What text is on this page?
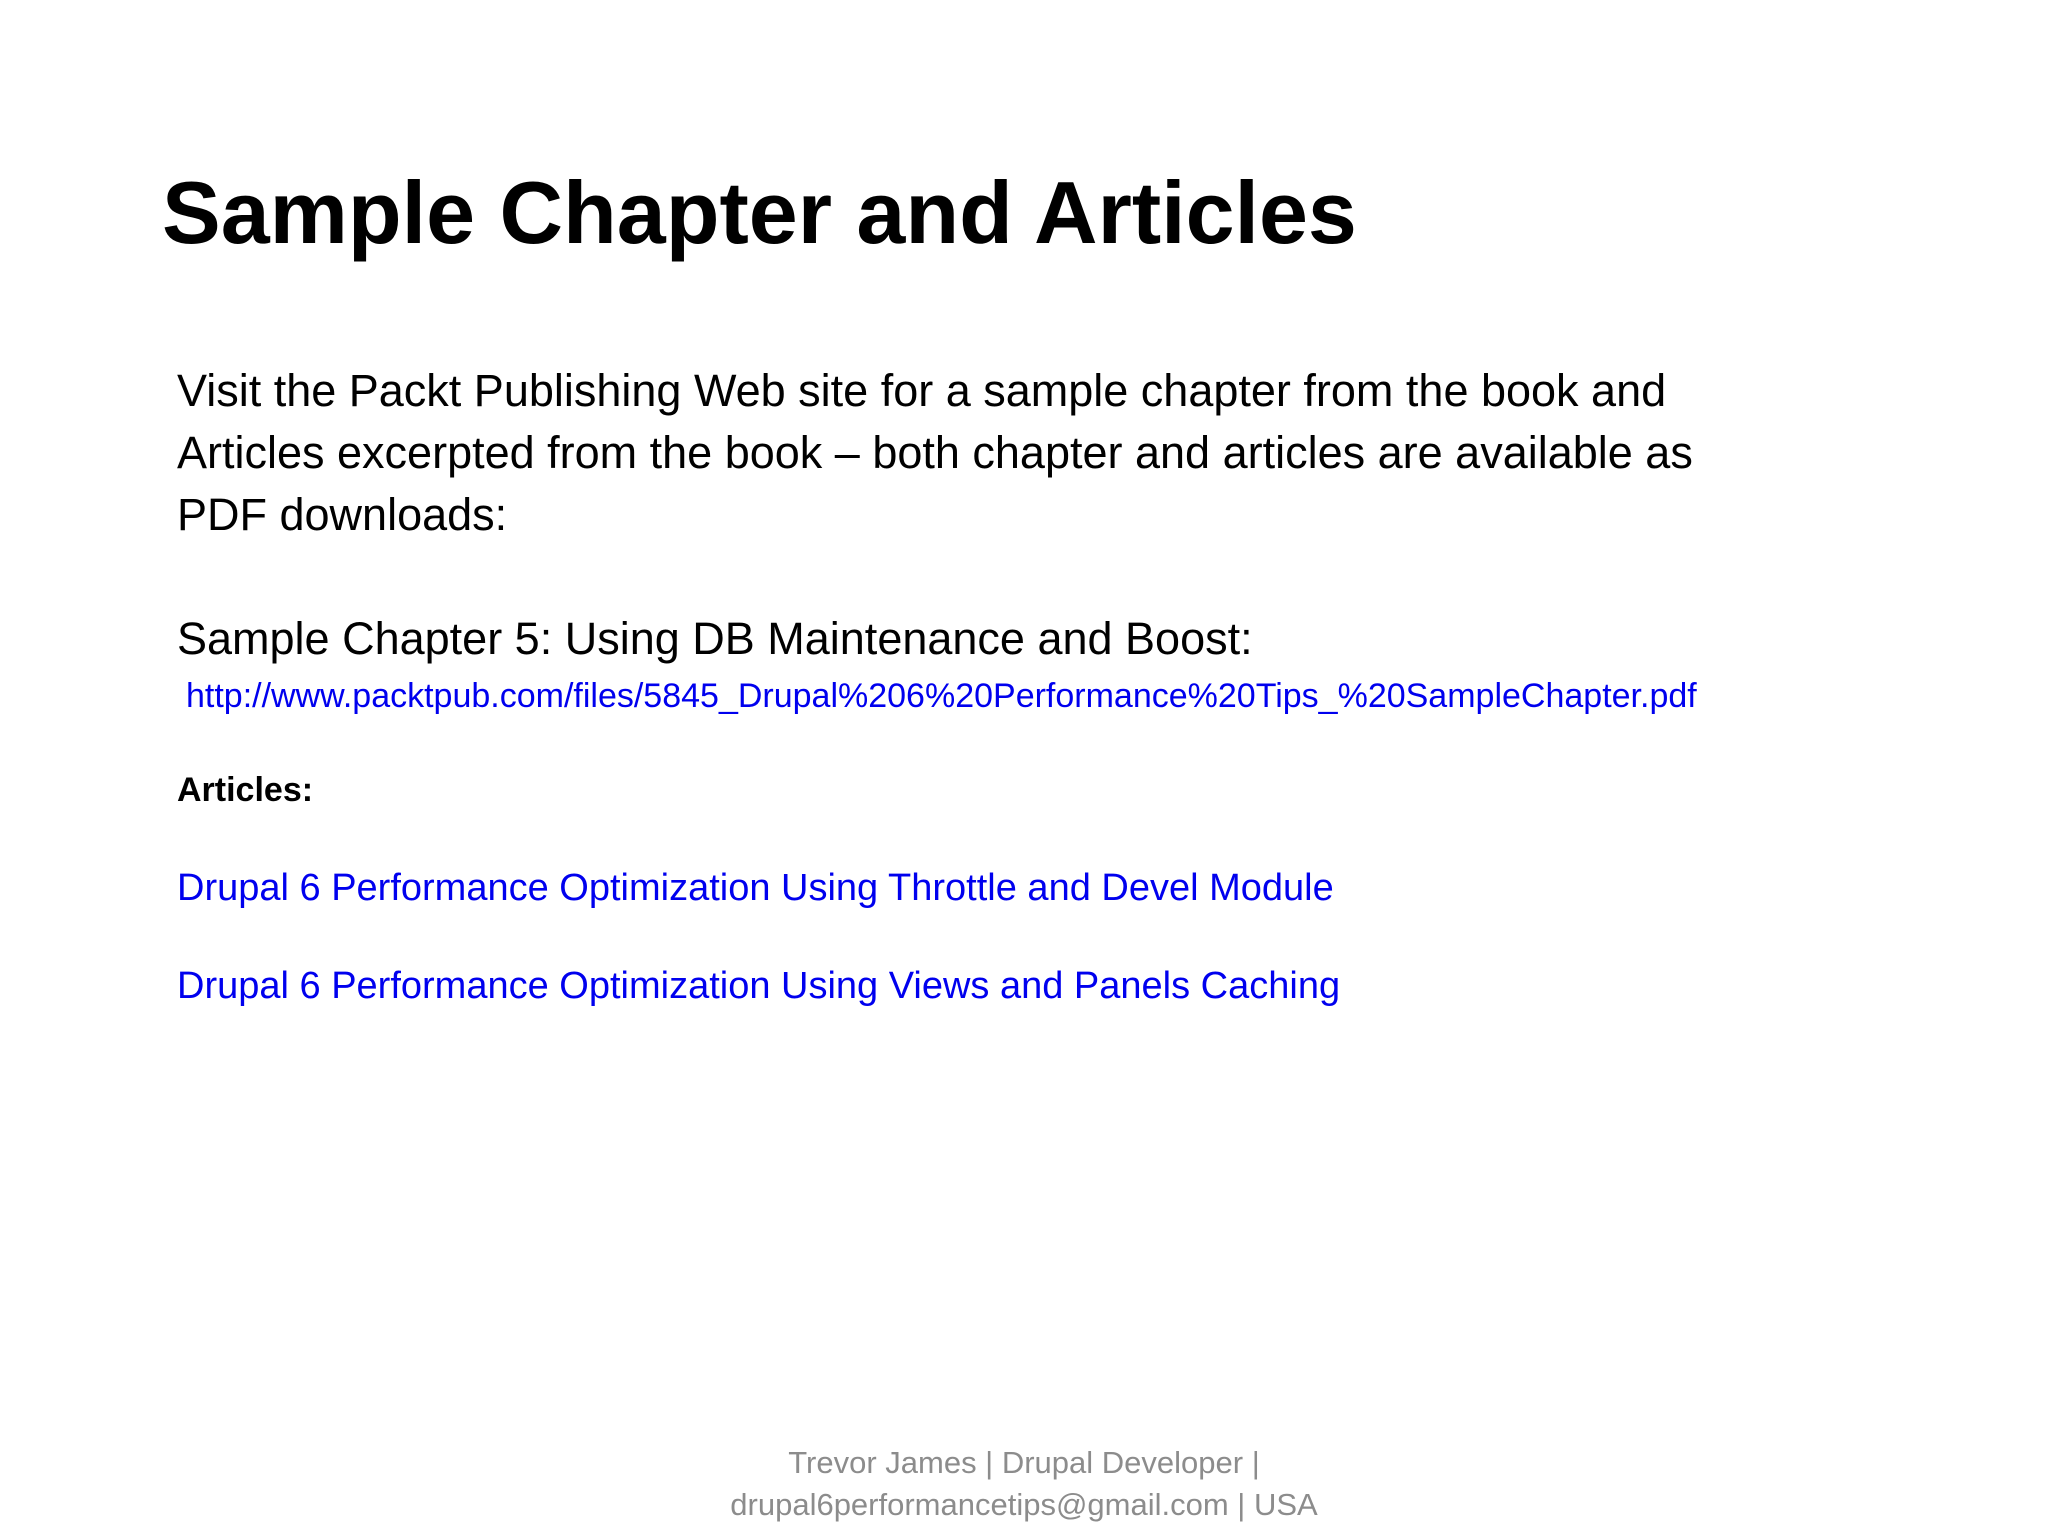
Sample Chapter and Articles

Visit the Packt Publishing Web site for a sample chapter from the book and
Articles excerpted from the book – both chapter and articles are available as
PDF downloads:

Sample Chapter 5: Using DB Maintenance and Boost:

http://www.packtpub.com/files/5845_Drupal%206%20Performance%20Tips_%20SampleChapter.pdf
Articles:
Drupal 6 Performance Optimization Using Throttle and Devel Module
Drupal 6 Performance Optimization Using Views and Panels Caching
Trevor James | Drupal Developer |
drupal6performancetips@gmail.com | USA
